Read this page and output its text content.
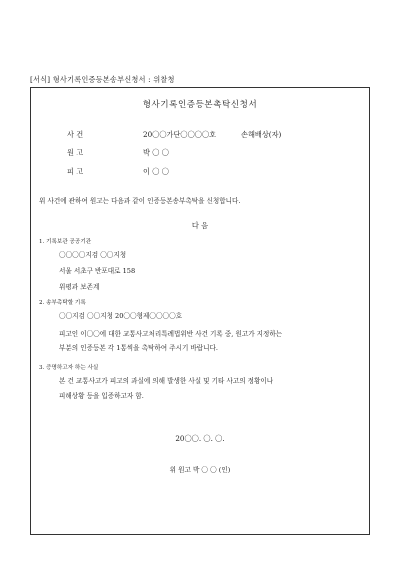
[서식] 형사기록인증등본송부신청서 : 위찰청
형사기록인증등본촉탁신청서
사 건	20〇〇가단〇〇〇〇호	손해배상(자)
원 고	박 〇 〇
피 고	이 〇 〇
위 사건에 관하여 원고는 다음과 같이 인증등본송부촉탁을 신청합니다.
다 음
1. 기록보관 공공기관
〇〇〇〇지검 〇〇지청
서울 서초구 반포대로 158
위평과 보존계
2. 송부촉탁할 기록
〇〇지검 〇〇지청 20〇〇형제〇〇〇〇호
피고인 이〇〇에 대한 교통사고처리특례법위반 사건 기록 중, 원고가 지정하는
부분의 인증등본 각 1통씩을 촉탁하여 주시기 바랍니다.
3. 증명하고자 하는 사실
본 건 교통사고가 피고의 과실에 의해 발생한 사실 및 기타 사고의 정황이나
피해상황 등을 입증하고자 함.
20〇〇. 〇. 〇.
위 원고 박 〇 〇 (인)
